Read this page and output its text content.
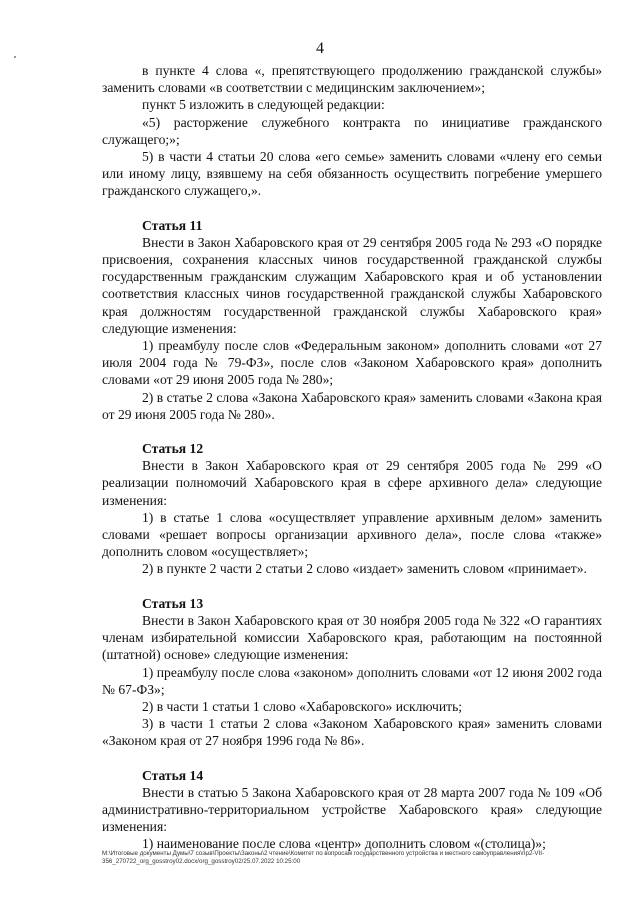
4

в пункте 4 слова «, препятствующего продолжению гражданской службы» заменить словами «в соответствии с медицинским заключением»;

пункт 5 изложить в следующей редакции:

«5) расторжение служебного контракта по инициативе гражданского служащего;»;

5) в части 4 статьи 20 слова «его семье» заменить словами «члену его семьи или иному лицу, взявшему на себя обязанность осуществить погребение умершего гражданского служащего,».

Статья 11

Внести в Закон Хабаровского края от 29 сентября 2005 года № 293 «О порядке присвоения, сохранения классных чинов государственной гражданской службы государственным гражданским служащим Хабаровского края и об установлении соответствия классных чинов государственной гражданской службы Хабаровского края должностям государственной гражданской службы Хабаровского края» следующие изменения:

1) преамбулу после слов «Федеральным законом» дополнить словами «от 27 июля 2004 года № 79-ФЗ», после слов «Законом Хабаровского края» дополнить словами «от 29 июня 2005 года № 280»;

2) в статье 2 слова «Закона Хабаровского края» заменить словами «Закона края от 29 июня 2005 года № 280».

Статья 12

Внести в Закон Хабаровского края от 29 сентября 2005 года № 299 «О реализации полномочий Хабаровского края в сфере архивного дела» следующие изменения:

1) в статье 1 слова «осуществляет управление архивным делом» заменить словами «решает вопросы организации архивного дела», после слова «также» дополнить словом «осуществляет»;

2) в пункте 2 части 2 статьи 2 слово «издает» заменить словом «принимает».

Статья 13

Внести в Закон Хабаровского края от 30 ноября 2005 года № 322 «О гарантиях членам избирательной комиссии Хабаровского края, работающим на постоянной (штатной) основе» следующие изменения:

1) преамбулу после слова «законом» дополнить словами «от 12 июня 2002 года № 67-ФЗ»;

2) в части 1 статьи 1 слово «Хабаровского» исключить;

3) в части 1 статьи 2 слова «Законом Хабаровского края» заменить словами «Законом края от 27 ноября 1996 года № 86».

Статья 14

Внести в статью 5 Закона Хабаровского края от 28 марта 2007 года № 109 «Об административно-территориальном устройстве Хабаровского края» следующие изменения:

1) наименование после слова «центр» дополнить словом «(столица)»;

M:\Итоговые документы Думы\7 созыв\Проекты\Законы\2 чтение\Комитет по вопросам государственного устройства и местного самоуправления\пр2-VII-356_270722_org_gosstroy02.docx/org_gosstroy02/25.07.2022 10:25:00
